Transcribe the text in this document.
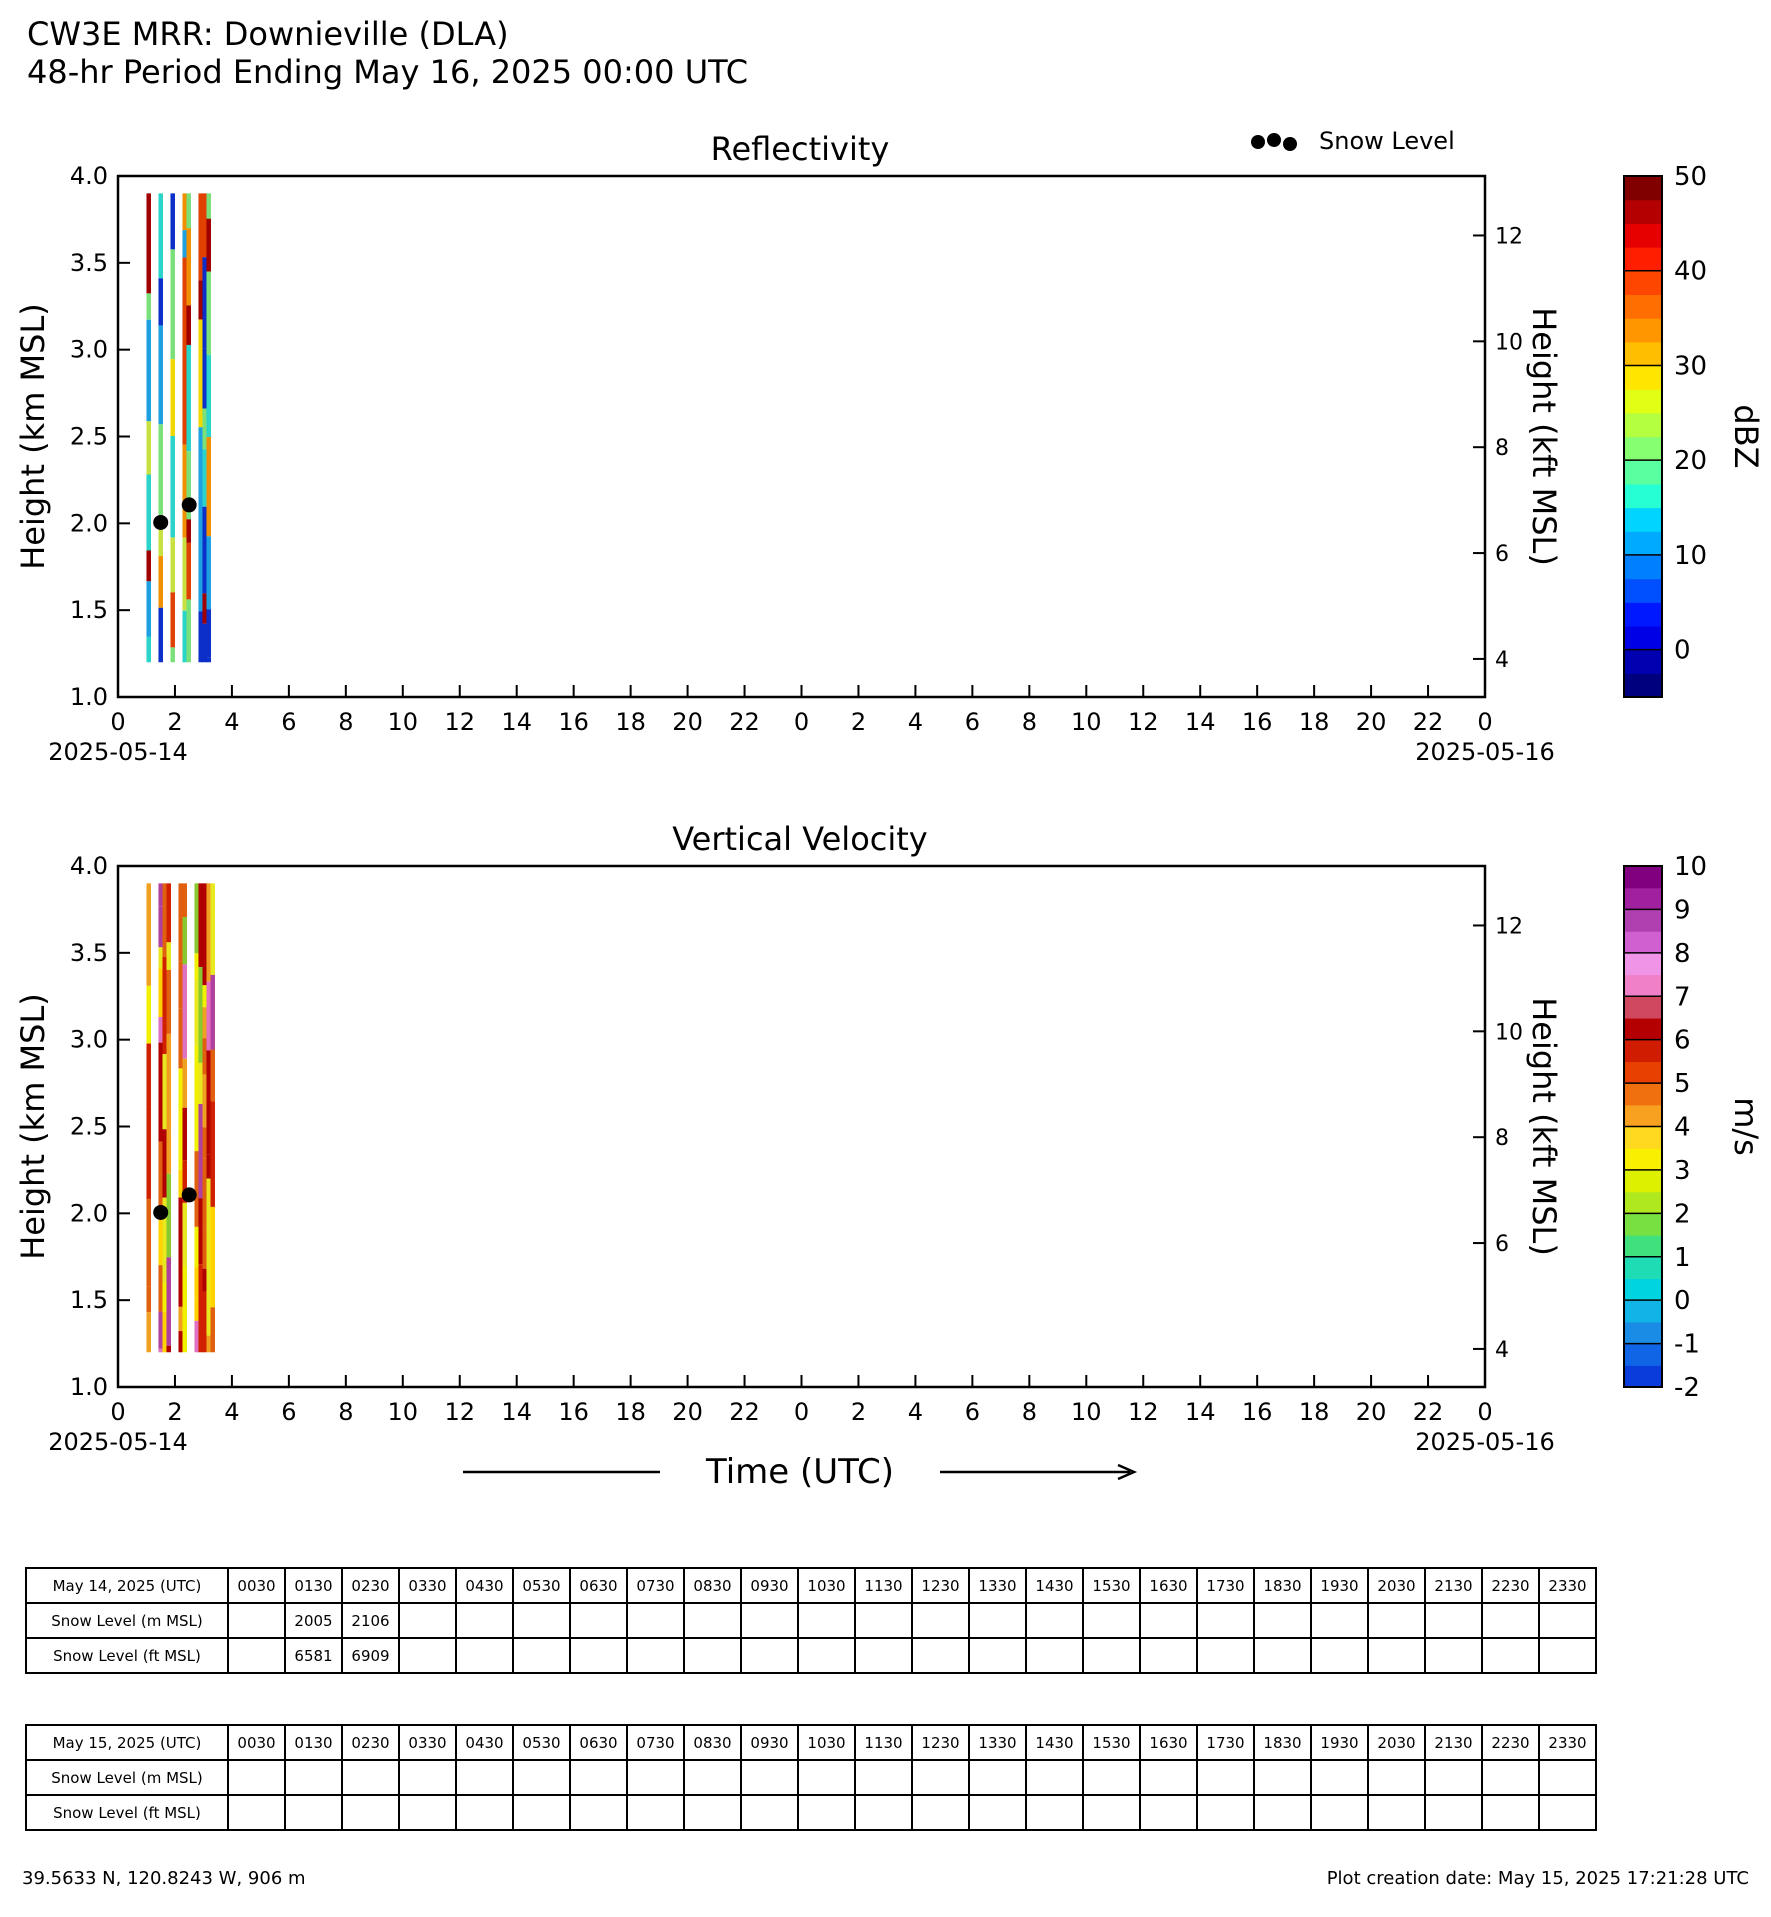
CW3E MRR: Downieville (DLA)
48-hr Period Ending May 16, 2025 00:00 UTC
Reflectivity
Vertical Velocity
Snow Level
1.0
1.5
2.0
2.5
3.0
3.5
4.0
4
6
8
10
12
0 2 4 6 8 10 12 14 16 18 20 22 0 2 4 6 8 10 12 14 16 18 20 22 0
2025-05-14	2025-05-16
Height (km MSL)	Height (kft MSL)
0
10
20
30
40
50
dBZ
1.0
1.5
2.0
2.5
3.0
3.5
4.0
4
6
8
10
12
0 2 4 6 8 10 12 14 16 18 20 22 0 2 4 6 8 10 12 14 16 18 20 22 0
2025-05-14	2025-05-16
Height (km MSL)	Height (kft MSL)
-2
-1
0
1
2
3
4
5
6
7
8
9
10
m/s
Time (UTC)
May 14, 2025 (UTC)	0030	0130	0230	0330	0430	0530	0630	0730	0830	0930	1030	1130	1230	1330	1430	1530	1630	1730	1830	1930	2030	2130	2230	2330
Snow Level (m MSL)		2005	2106																					
Snow Level (ft MSL)		6581	6909																					
May 15, 2025 (UTC)	0030	0130	0230	0330	0430	0530	0630	0730	0830	0930	1030	1130	1230	1330	1430	1530	1630	1730	1830	1930	2030	2130	2230	2330
Snow Level (m MSL)																								
Snow Level (ft MSL)																								
39.5633 N, 120.8243 W, 906 m	Plot creation date: May 15, 2025 17:21:28 UTC
